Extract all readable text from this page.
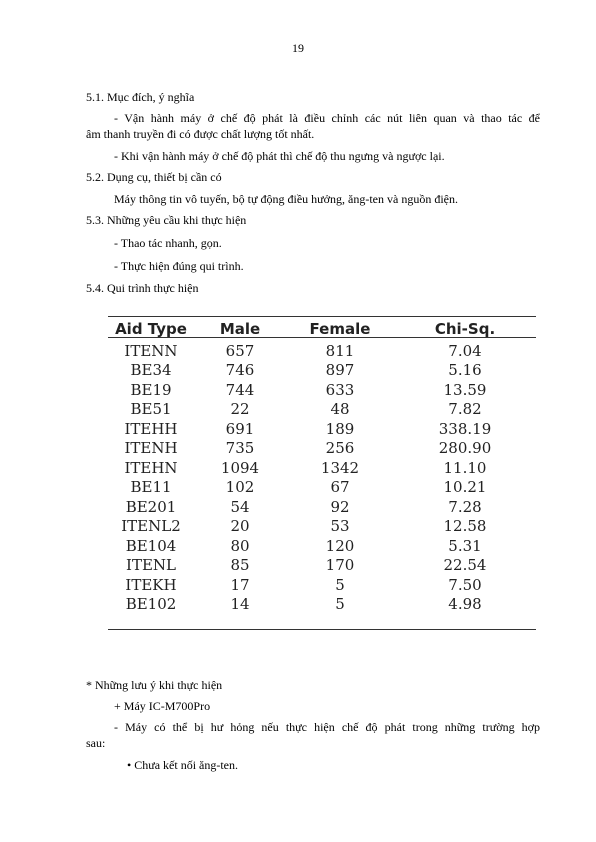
19
5.1. Mục đích, ý nghĩa
- Vận hành máy ở chế độ phát là điều chỉnh các nút liên quan và thao tác để
âm thanh truyền đi có được chất lượng tốt nhất.
- Khi vận hành máy ở chế độ phát thì chế độ thu ngưng và ngược lại.
5.2. Dụng cụ, thiết bị cần có
Máy thông tin vô tuyến, bộ tự động điều hưởng, ăng-ten và nguồn điện.
5.3. Những yêu cầu khi thực hiện
- Thao tác nhanh, gọn.
- Thực hiện đúng qui trình.
5.4. Qui trình thực hiện
Aid Type	Male	Female	Chi-Sq.
ITENN	657	811	7.04
BE34	746	897	5.16
BE19	744	633	13.59
BE51	22	48	7.82
ITEHH	691	189	338.19
ITENH	735	256	280.90
ITEHN	1094	1342	11.10
BE11	102	67	10.21
BE201	54	92	7.28
ITENL2	20	53	12.58
BE104	80	120	5.31
ITENL	85	170	22.54
ITEKH	17	5	7.50
BE102	14	5	4.98
* Những lưu ý khi thực hiện
+ Máy IC-M700Pro
- Máy có thể bị hư hỏng nếu thực hiện chế độ phát trong những trường hợp
sau:
• Chưa kết nối ăng-ten.
